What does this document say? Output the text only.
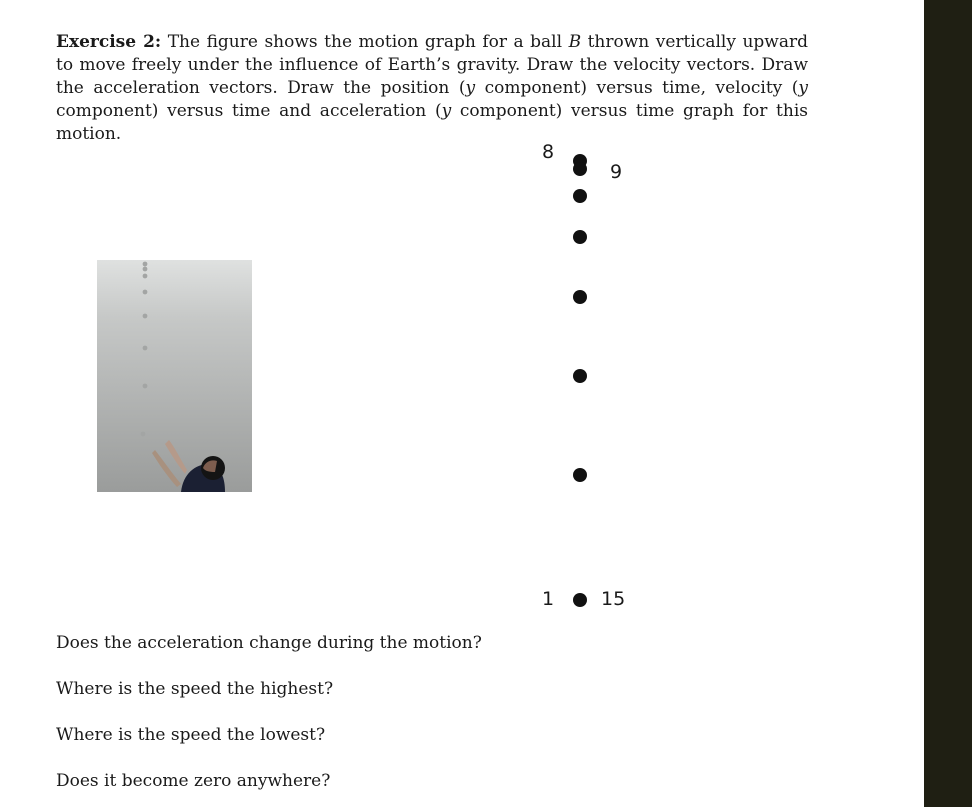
Exercise 2: The figure shows the motion graph for a ball B thrown vertically upward to move freely under the influence of Earth’s gravity. Draw the velocity vectors. Draw the acceleration vectors. Draw the position (y component) versus time, velocity (y component) versus time and acceleration (y component) versus time graph for this motion.
8
9
1 15
Does the acceleration change during the motion?
Where is the speed the highest?
Where is the speed the lowest?
Does it become zero anywhere?
